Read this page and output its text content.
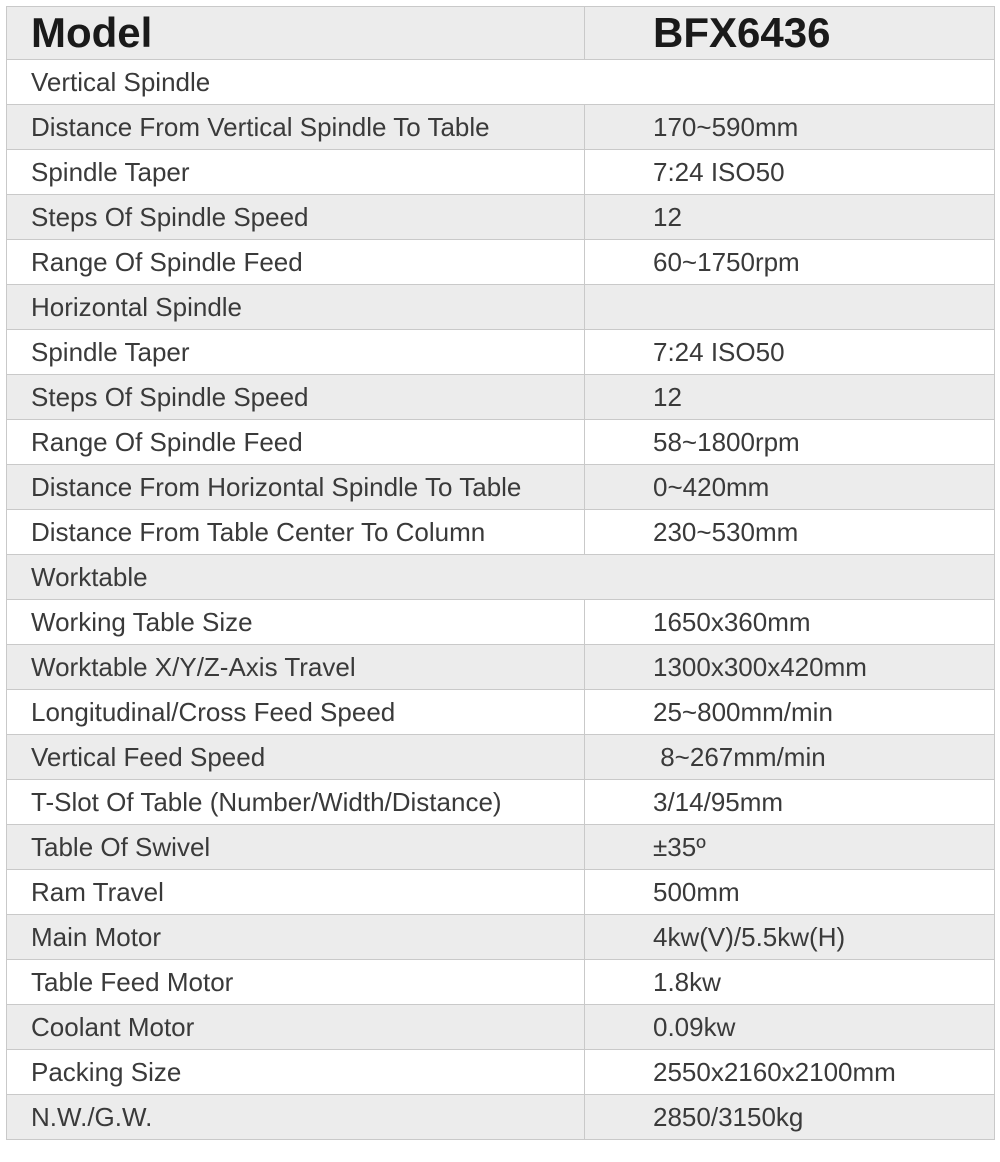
Model	BFX6436
Vertical Spindle	
Distance From Vertical Spindle To Table	170~590mm
Spindle Taper	7:24 ISO50
Steps Of Spindle Speed	12
Range Of Spindle Feed	60~1750rpm
Horizontal Spindle	
Spindle Taper	7:24 ISO50
Steps Of Spindle Speed	12
Range Of Spindle Feed	58~1800rpm
Distance From Horizontal Spindle To Table	0~420mm
Distance From Table Center To Column	230~530mm
Worktable	
Working Table Size	1650x360mm
Worktable X/Y/Z-Axis Travel	1300x300x420mm
Longitudinal/Cross Feed Speed	25~800mm/min
Vertical Feed Speed	8~267mm/min
T-Slot Of Table (Number/Width/Distance)	3/14/95mm
Table Of Swivel	±35º
Ram Travel	500mm
Main Motor	4kw(V)/5.5kw(H)
Table Feed Motor	1.8kw
Coolant Motor	0.09kw
Packing Size	2550x2160x2100mm
N.W./G.W.	2850/3150kg
